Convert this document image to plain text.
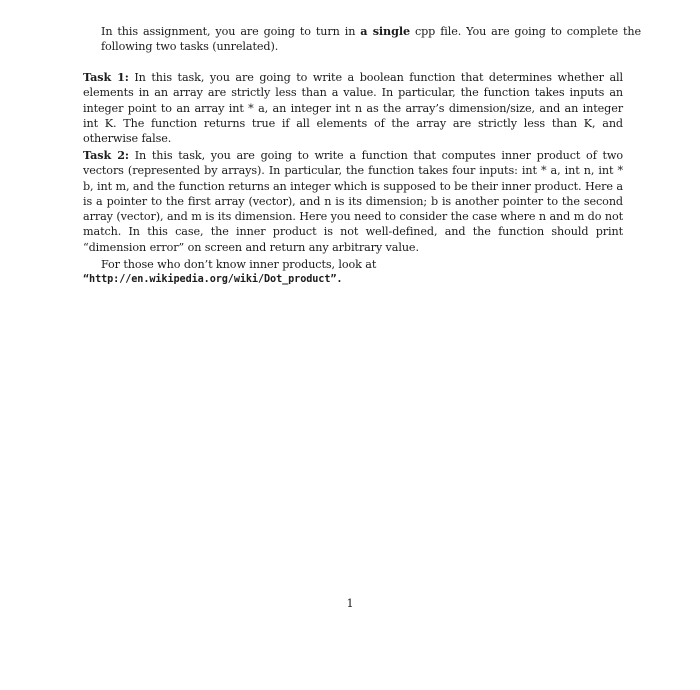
In this assignment, you are going to turn in a single cpp file. You are going to complete the following two tasks (unrelated).
Task 1: In this task, you are going to write a boolean function that determines whether all elements in an array are strictly less than a value. In particular, the function takes inputs an integer point to an array int * a, an integer int n as the array’s dimension/size, and an integer int K. The function returns true if all elements of the array are strictly less than K, and otherwise false.
Task 2: In this task, you are going to write a function that computes inner product of two vectors (represented by arrays). In particular, the function takes four inputs: int * a, int n, int * b, int m, and the function returns an integer which is supposed to be their inner product. Here a is a pointer to the first array (vector), and n is its dimension; b is another pointer to the second array (vector), and m is its dimension. Here you need to consider the case where n and m do not match. In this case, the inner product is not well-defined, and the function should print “dimension error” on screen and return any arbitrary value.
For those who don’t know inner products, look at
“http://en.wikipedia.org/wiki/Dot_product”.
1
